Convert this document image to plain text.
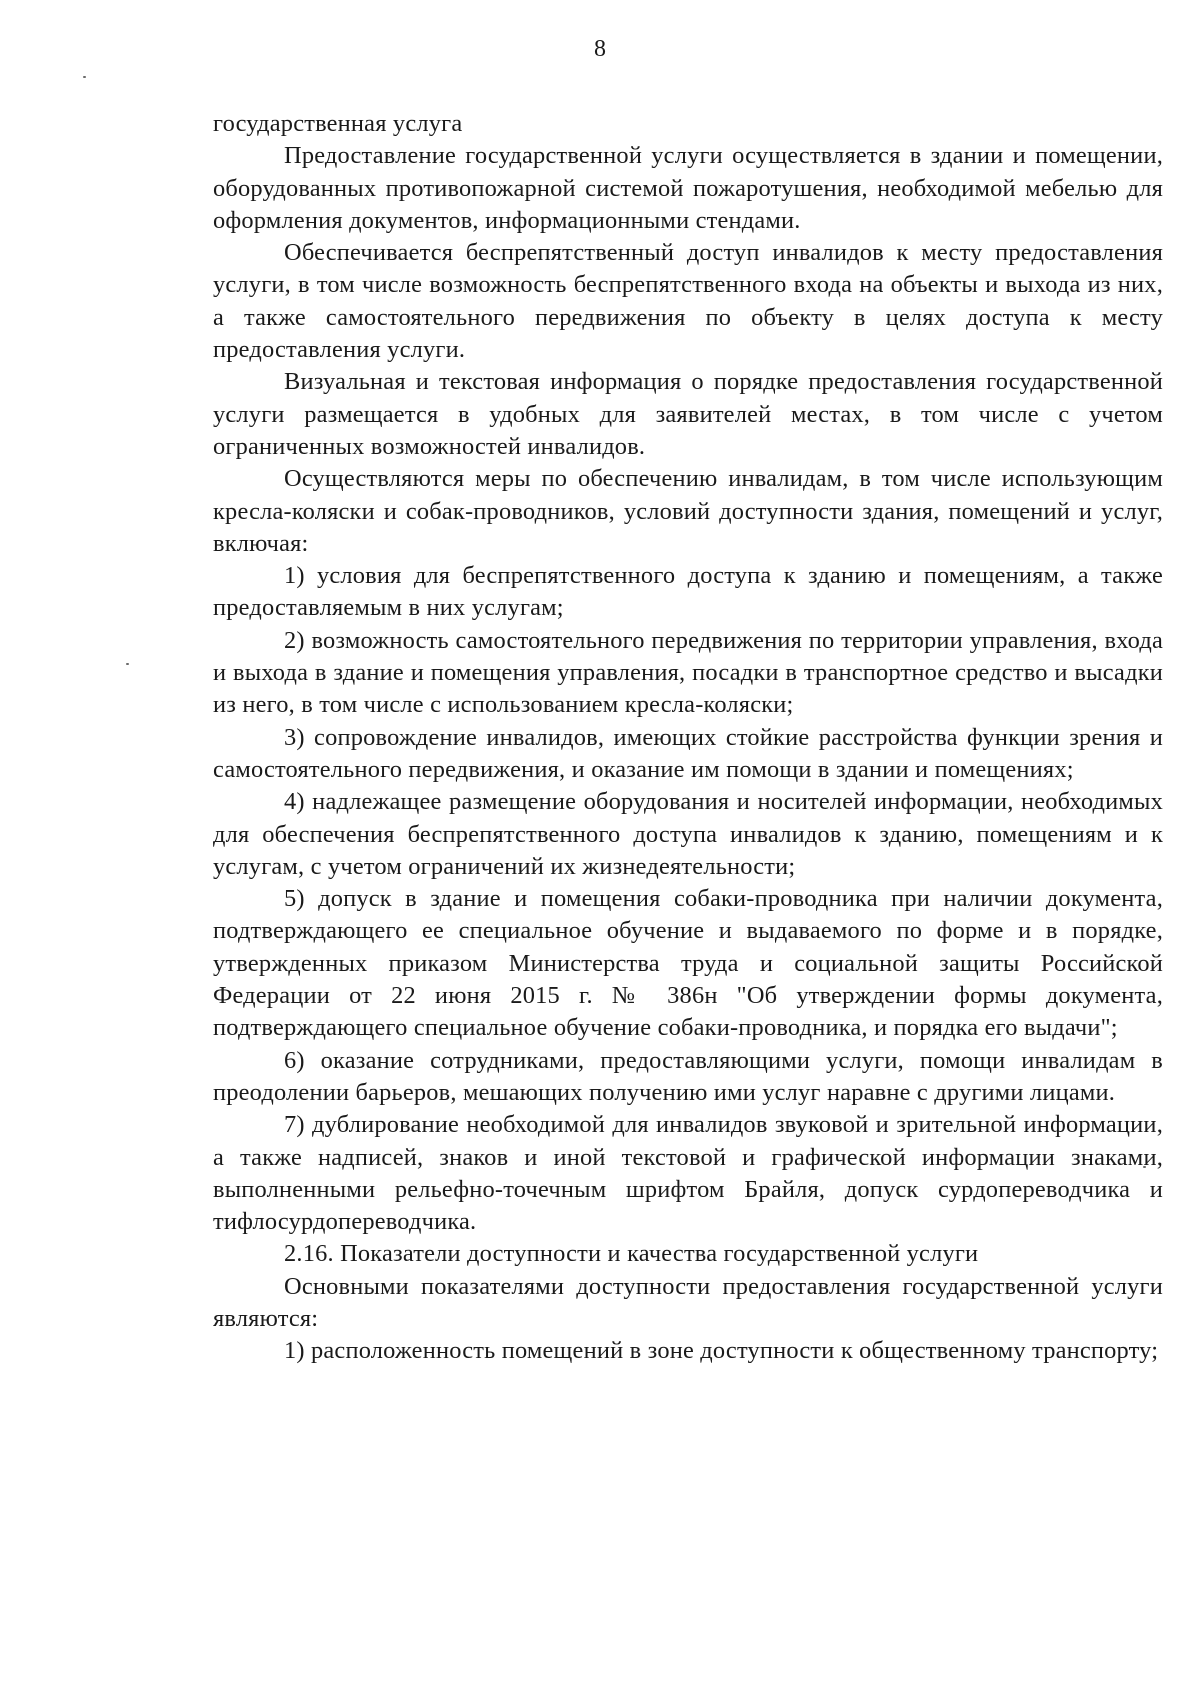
8

государственная услуга

Предоставление государственной услуги осуществляется в здании и помещении, оборудованных противопожарной системой пожаротушения, необходимой мебелью для оформления документов, информационными стендами.

Обеспечивается беспрепятственный доступ инвалидов к месту предоставления услуги, в том числе возможность беспрепятственного входа на объекты и выхода из них, а также самостоятельного передвижения по объекту в целях доступа к месту предоставления услуги.

Визуальная и текстовая информация о порядке предоставления государственной услуги размещается в удобных для заявителей местах, в том числе с учетом ограниченных возможностей инвалидов.

Осуществляются меры по обеспечению инвалидам, в том числе использующим кресла-коляски и собак-проводников, условий доступности здания, помещений и услуг, включая:

1) условия для беспрепятственного доступа к зданию и помещениям, а также предоставляемым в них услугам;

2) возможность самостоятельного передвижения по территории управления, входа и выхода в здание и помещения управления, посадки в транспортное средство и высадки из него, в том числе с использованием кресла-коляски;

3) сопровождение инвалидов, имеющих стойкие расстройства функции зрения и самостоятельного передвижения, и оказание им помощи в здании и помещениях;

4) надлежащее размещение оборудования и носителей информации, необходимых для обеспечения беспрепятственного доступа инвалидов к зданию, помещениям и к услугам, с учетом ограничений их жизнедеятельности;

5) допуск в здание и помещения собаки-проводника при наличии документа, подтверждающего ее специальное обучение и выдаваемого по форме и в порядке, утвержденных приказом Министерства труда и социальной защиты Российской Федерации от 22 июня 2015 г. № 386н "Об утверждении формы документа, подтверждающего специальное обучение собаки-проводника, и порядка его выдачи";

6) оказание сотрудниками, предоставляющими услуги, помощи инвалидам в преодолении барьеров, мешающих получению ими услуг наравне с другими лицами.

7) дублирование необходимой для инвалидов звуковой и зрительной информации, а также надписей, знаков и иной текстовой и графической информации знаками, выполненными рельефно-точечным шрифтом Брайля, допуск сурдопереводчика и тифлосурдопереводчика.

2.16. Показатели доступности и качества государственной услуги

Основными показателями доступности предоставления государственной услуги являются:

1) расположенность помещений в зоне доступности к общественному транспорту;
